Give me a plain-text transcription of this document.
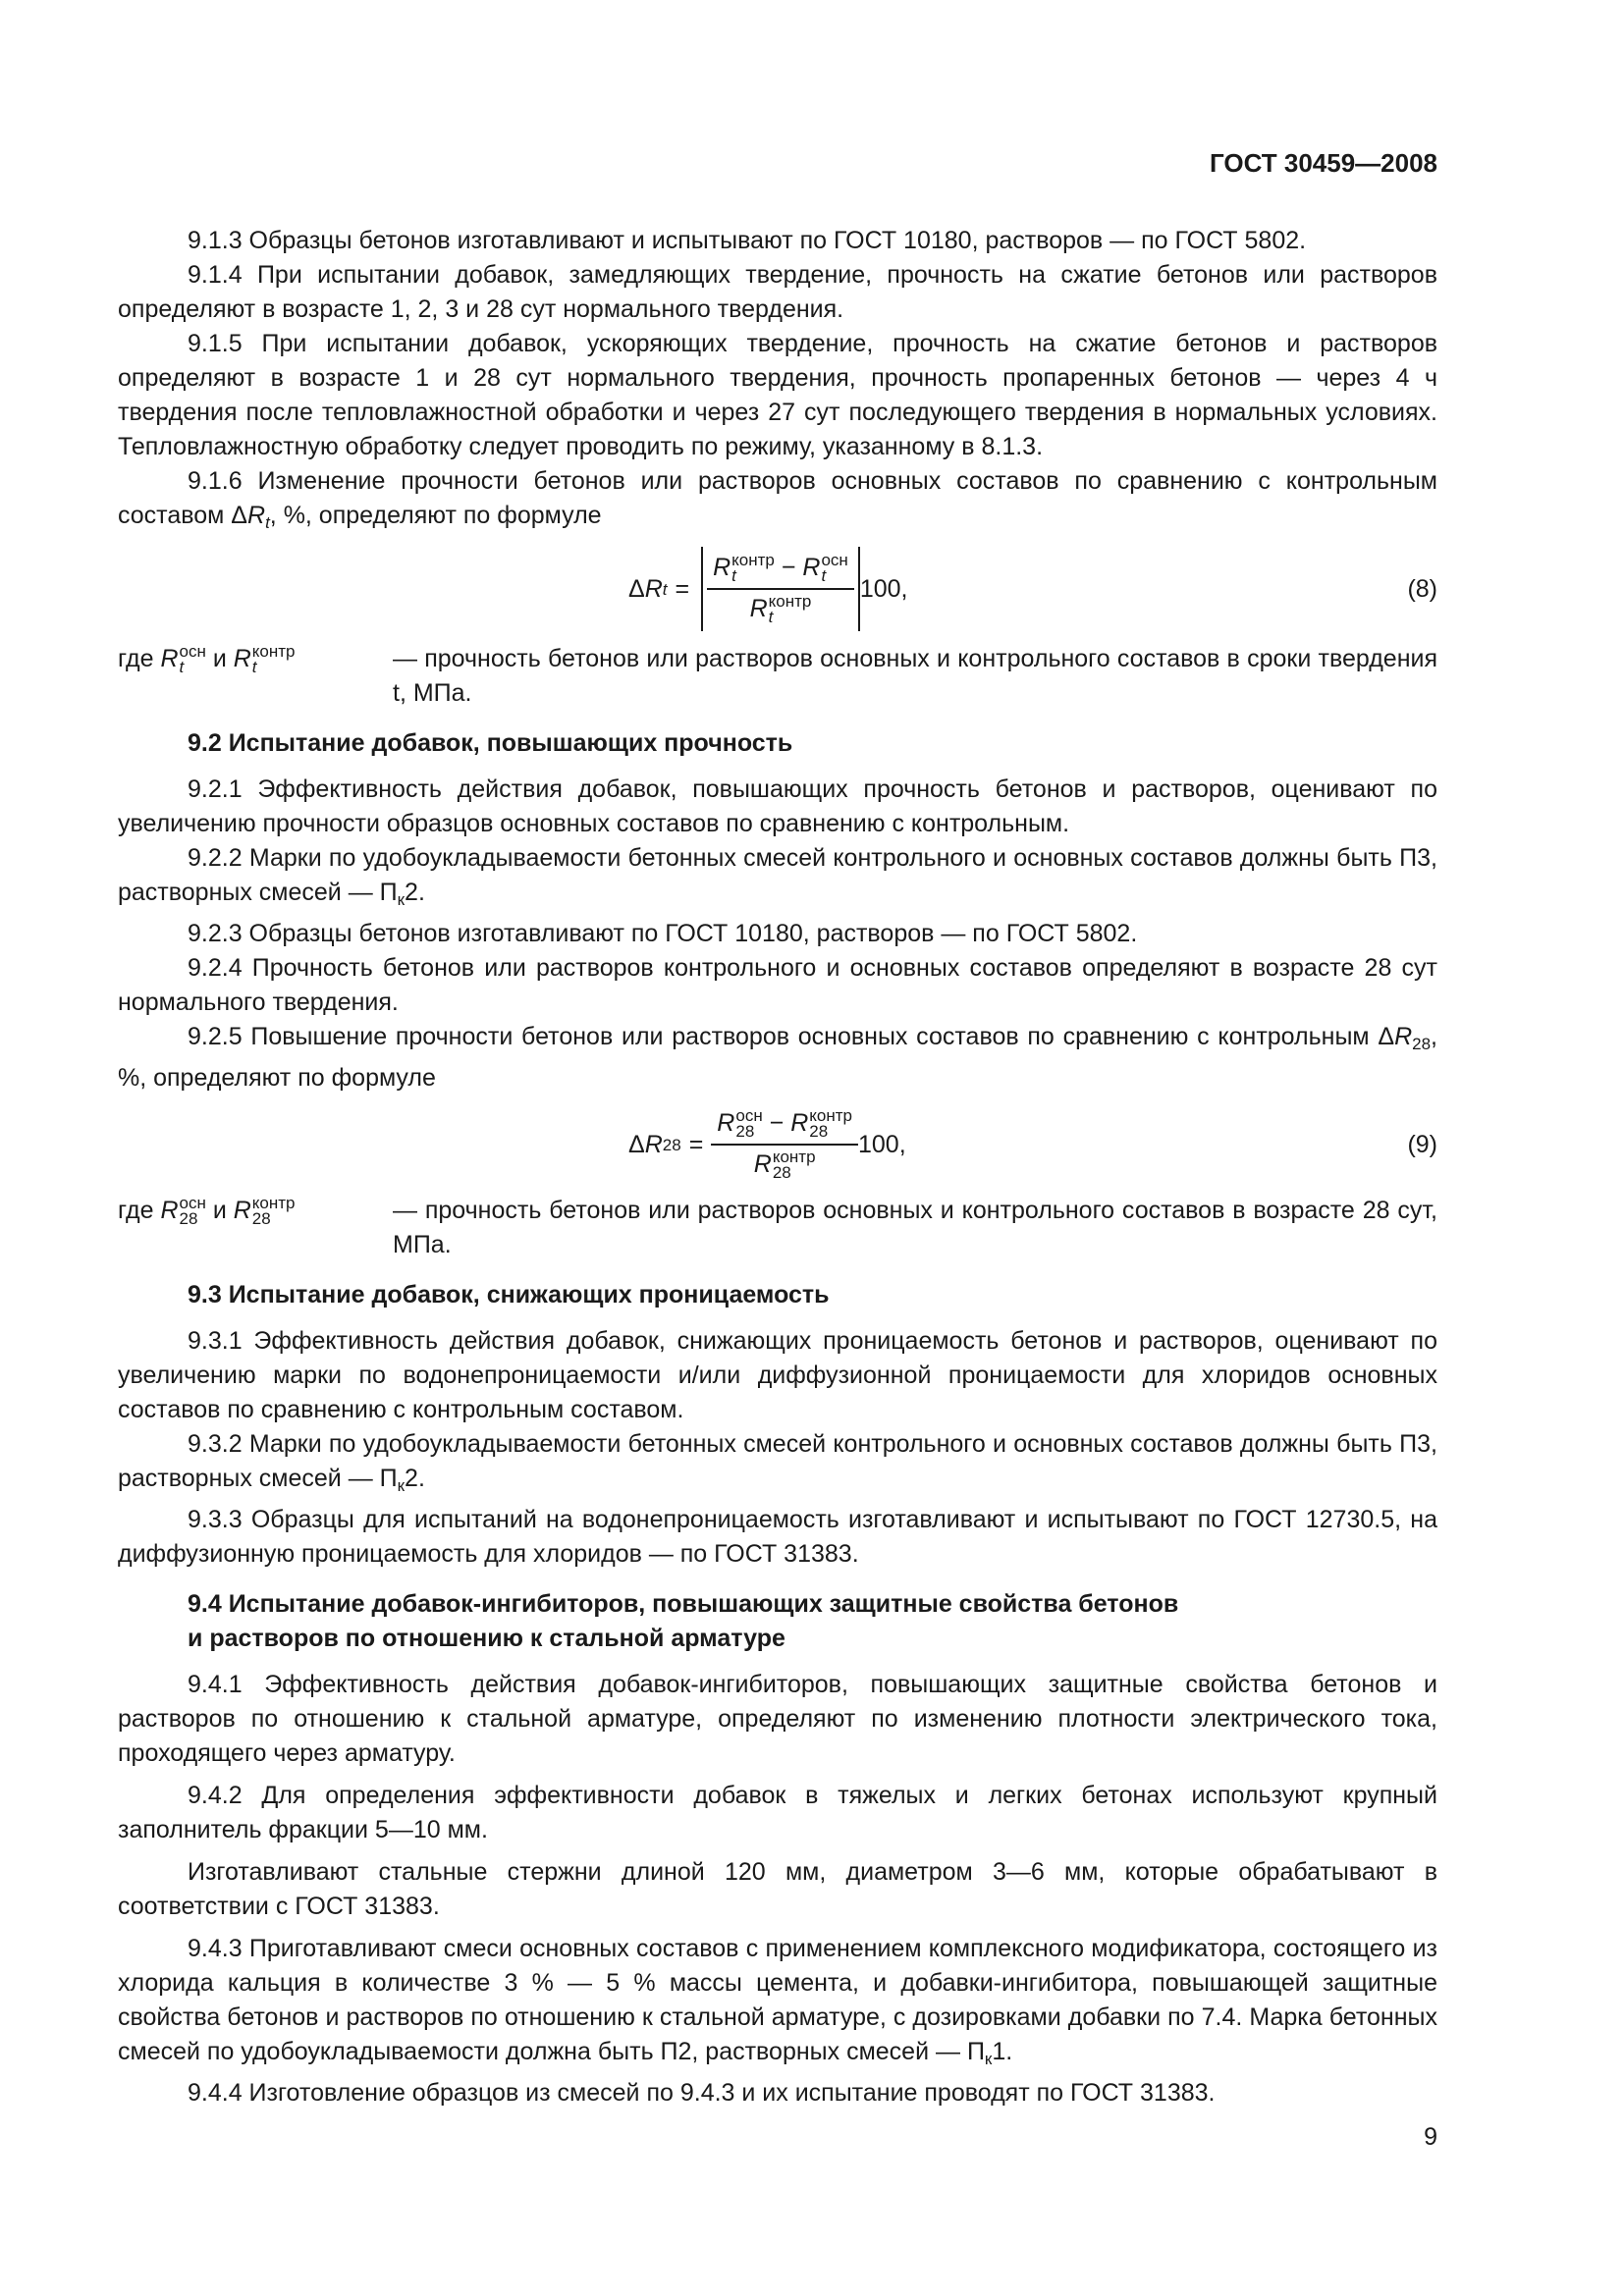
ГОСТ 30459—2008

9.1.3 Образцы бетонов изготавливают и испытывают по ГОСТ 10180, растворов — по ГОСТ 5802.

9.1.4 При испытании добавок, замедляющих твердение, прочность на сжатие бетонов или растворов определяют в возрасте 1, 2, 3 и 28 сут нормального твердения.

9.1.5 При испытании добавок, ускоряющих твердение, прочность на сжатие бетонов и растворов определяют в возрасте 1 и 28 сут нормального твердения, прочность пропаренных бетонов — через 4 ч твердения после тепловлажностной обработки и через 27 сут последующего твердения в нормальных условиях. Тепловлажностную обработку следует проводить по режиму, указанному в 8.1.3.

9.1.6 Изменение прочности бетонов или растворов основных составов по сравнению с контрольным составом $\Delta R_t$, %, определяют по формуле

Δ R t = R контр
t	− R осн
t
R контр
t 100,	(8)
где R осн
t	и R контр
t	— прочность бетонов или растворов основных и контрольного составов в сроки твердения t, МПа.

9.2 Испытание добавок, повышающих прочность

9.2.1 Эффективность действия добавок, повышающих прочность бетонов и растворов, оценивают по увеличению прочности образцов основных составов по сравнению с контрольным.

9.2.2 Марки по удобоукладываемости бетонных смесей контрольного и основных составов должны быть П3, растворных смесей — $П_к2$.

9.2.3 Образцы бетонов изготавливают по ГОСТ 10180, растворов — по ГОСТ 5802.

9.2.4 Прочность бетонов или растворов контрольного и основных составов определяют в возрасте 28 сут нормального твердения.

9.2.5 Повышение прочности бетонов или растворов основных составов по сравнению с контрольным $\Delta R_{28}$, %, определяют по формуле

Δ R 28 = R осн
28 − R контр
28
R контр
28 100,	(9)
где R осн
28 и R контр
28	— прочность бетонов или растворов основных и контрольного составов в возрасте 28 сут, МПа.

9.3 Испытание добавок, снижающих проницаемость

9.3.1 Эффективность действия добавок, снижающих проницаемость бетонов и растворов, оценивают по увеличению марки по водонепроницаемости и/или диффузионной проницаемости для хлоридов основных составов по сравнению с контрольным составом.

9.3.2 Марки по удобоукладываемости бетонных смесей контрольного и основных составов должны быть П3, растворных смесей — $П_к2$.

9.3.3 Образцы для испытаний на водонепроницаемость изготавливают и испытывают по ГОСТ 12730.5, на диффузионную проницаемость для хлоридов — по ГОСТ 31383.

9.4 Испытание добавок-ингибиторов, повышающих защитные свойства бетонов
и растворов по отношению к стальной арматуре

9.4.1 Эффективность действия добавок-ингибиторов, повышающих защитные свойства бетонов и растворов по отношению к стальной арматуре, определяют по изменению плотности электрического тока, проходящего через арматуру.

9.4.2 Для определения эффективности добавок в тяжелых и легких бетонах используют крупный заполнитель фракции 5—10 мм.

Изготавливают стальные стержни длиной 120 мм, диаметром 3—6 мм, которые обрабатывают в соответствии с ГОСТ 31383.

9.4.3 Приготавливают смеси основных составов с применением комплексного модификатора, состоящего из хлорида кальция в количестве 3 % — 5 % массы цемента, и добавки-ингибитора, повышающей защитные свойства бетонов и растворов по отношению к стальной арматуре, с дозировками добавки по 7.4. Марка бетонных смесей по удобоукладываемости должна быть П2, растворных смесей — $П_к1$.

9.4.4 Изготовление образцов из смесей по 9.4.3 и их испытание проводят по ГОСТ 31383.

9
